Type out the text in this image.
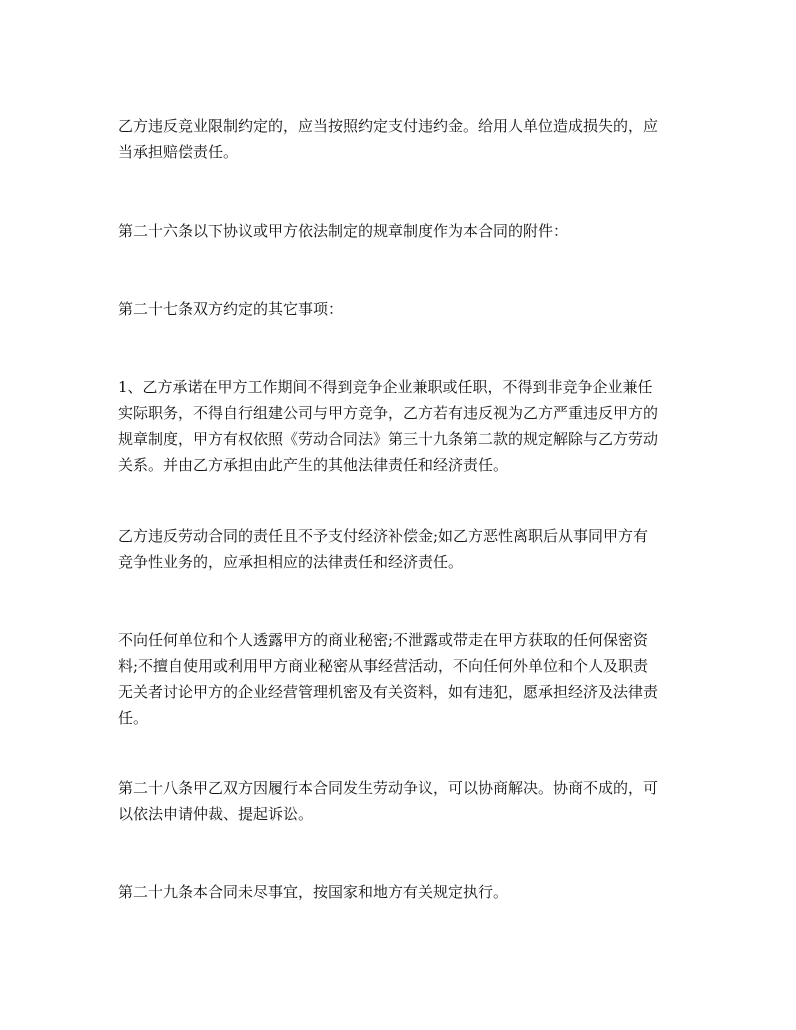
乙方违反竞业限制约定的，应当按照约定支付违约金。给用人单位造成损失的，应
当承担赔偿责任。
第二十六条以下协议或甲方依法制定的规章制度作为本合同的附件：
第二十七条双方约定的其它事项：
1、乙方承诺在甲方工作期间不得到竞争企业兼职或任职，不得到非竞争企业兼任
实际职务，不得自行组建公司与甲方竞争，乙方若有违反视为乙方严重违反甲方的
规章制度，甲方有权依照《劳动合同法》第三十九条第二款的规定解除与乙方劳动
关系。并由乙方承担由此产生的其他法律责任和经济责任。
乙方违反劳动合同的责任且不予支付经济补偿金;如乙方恶性离职后从事同甲方有
竞争性业务的，应承担相应的法律责任和经济责任。
不向任何单位和个人透露甲方的商业秘密;不泄露或带走在甲方获取的任何保密资
料;不擅自使用或利用甲方商业秘密从事经营活动，不向任何外单位和个人及职责
无关者讨论甲方的企业经营管理机密及有关资料，如有违犯，愿承担经济及法律责
任。
第二十八条甲乙双方因履行本合同发生劳动争议，可以协商解决。协商不成的，可
以依法申请仲裁、提起诉讼。
第二十九条本合同未尽事宜，按国家和地方有关规定执行。
